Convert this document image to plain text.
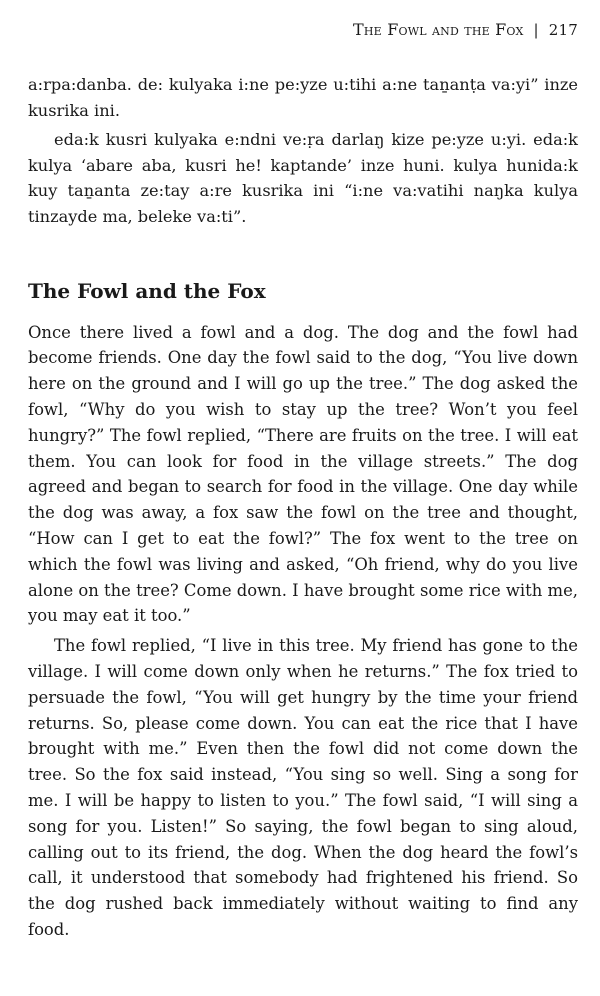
The Fowl and the Fox | 217

a:rpa:danba. de: kulyaka i:ne pe:yze u:tihi a:ne taṉanṭa va:yi” inze kusrika ini.

eda:k kusri kulyaka e:ndni ve:ṛa darlaŋ kize pe:yze u:yi. eda:k kulya ‘abare aba, kusri he! kaptande’ inze huni. kulya hunida:k kuy taṉanta ze:tay a:re kusrika ini “i:ne va:vatihi naŋka kulya tinzayde ma, beleke va:ti”.

The Fowl and the Fox

Once there lived a fowl and a dog. The dog and the fowl had become friends. One day the fowl said to the dog, “You live down here on the ground and I will go up the tree.” The dog asked the fowl, “Why do you wish to stay up the tree? Won’t you feel hungry?” The fowl replied, “There are fruits on the tree. I will eat them. You can look for food in the village streets.” The dog agreed and began to search for food in the village. One day while the dog was away, a fox saw the fowl on the tree and thought, “How can I get to eat the fowl?” The fox went to the tree on which the fowl was living and asked, “Oh friend, why do you live alone on the tree? Come down. I have brought some rice with me, you may eat it too.”

The fowl replied, “I live in this tree. My friend has gone to the village. I will come down only when he returns.” The fox tried to persuade the fowl, “You will get hungry by the time your friend returns. So, please come down. You can eat the rice that I have brought with me.” Even then the fowl did not come down the tree. So the fox said instead, “You sing so well. Sing a song for me. I will be happy to listen to you.” The fowl said, “I will sing a song for you. Listen!” So saying, the fowl began to sing aloud, calling out to its friend, the dog. When the dog heard the fowl’s call, it understood that somebody had frightened his friend. So the dog rushed back immediately without waiting to find any food.
